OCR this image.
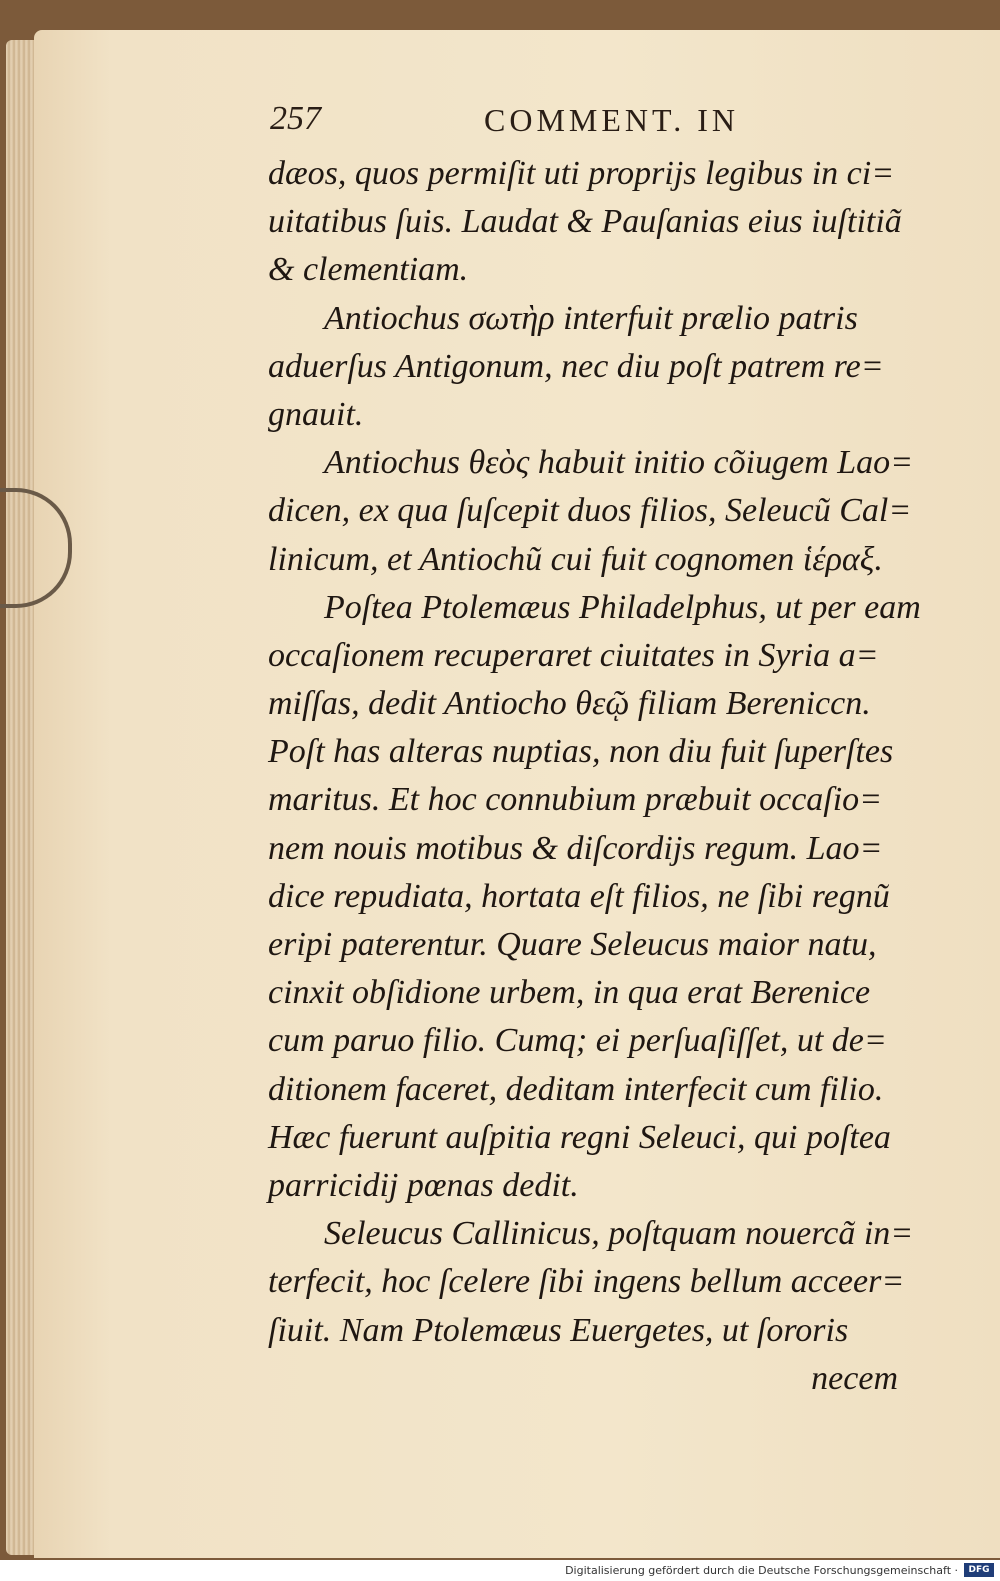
257	COMMENT. IN
dæos, quos permiſit uti proprijs legibus in ci=
uitatibus ſuis. Laudat & Pauſanias eius iuſtitiã
& clementiam.
Antiochus σωτὴρ interfuit prælio patris
aduerſus Antigonum, nec diu poſt patrem re=
gnauit.
Antiochus θεὸς habuit initio cõiugem Lao=
dicen, ex qua ſuſcepit duos filios, Seleucũ Cal=
linicum, et Antiochũ cui fuit cognomen ἱέραξ.
Poſtea Ptolemæus Philadelphus, ut per eam
occaſionem recuperaret ciuitates in Syria a=
miſſas, dedit Antiocho θεῷ filiam Bereniccn.
Poſt has alteras nuptias, non diu fuit ſuperſtes
maritus. Et hoc connubium præbuit occaſio=
nem nouis motibus & diſcordijs regum. Lao=
dice repudiata, hortata eſt filios, ne ſibi regnũ
eripi paterentur. Quare Seleucus maior natu,
cinxit obſidione urbem, in qua erat Berenice
cum paruo filio. Cumq; ei perſuaſiſſet, ut de=
ditionem faceret, deditam interfecit cum filio.
Hæc fuerunt auſpitia regni Seleuci, qui poſtea
parricidij pœnas dedit.
Seleucus Callinicus, poſtquam nouercã in=
terfecit, hoc ſcelere ſibi ingens bellum acceer=
ſiuit. Nam Ptolemæus Euergetes, ut ſororis
necem
Digitalisierung gefördert durch die Deutsche Forschungsgemeinschaft ·	DFG
